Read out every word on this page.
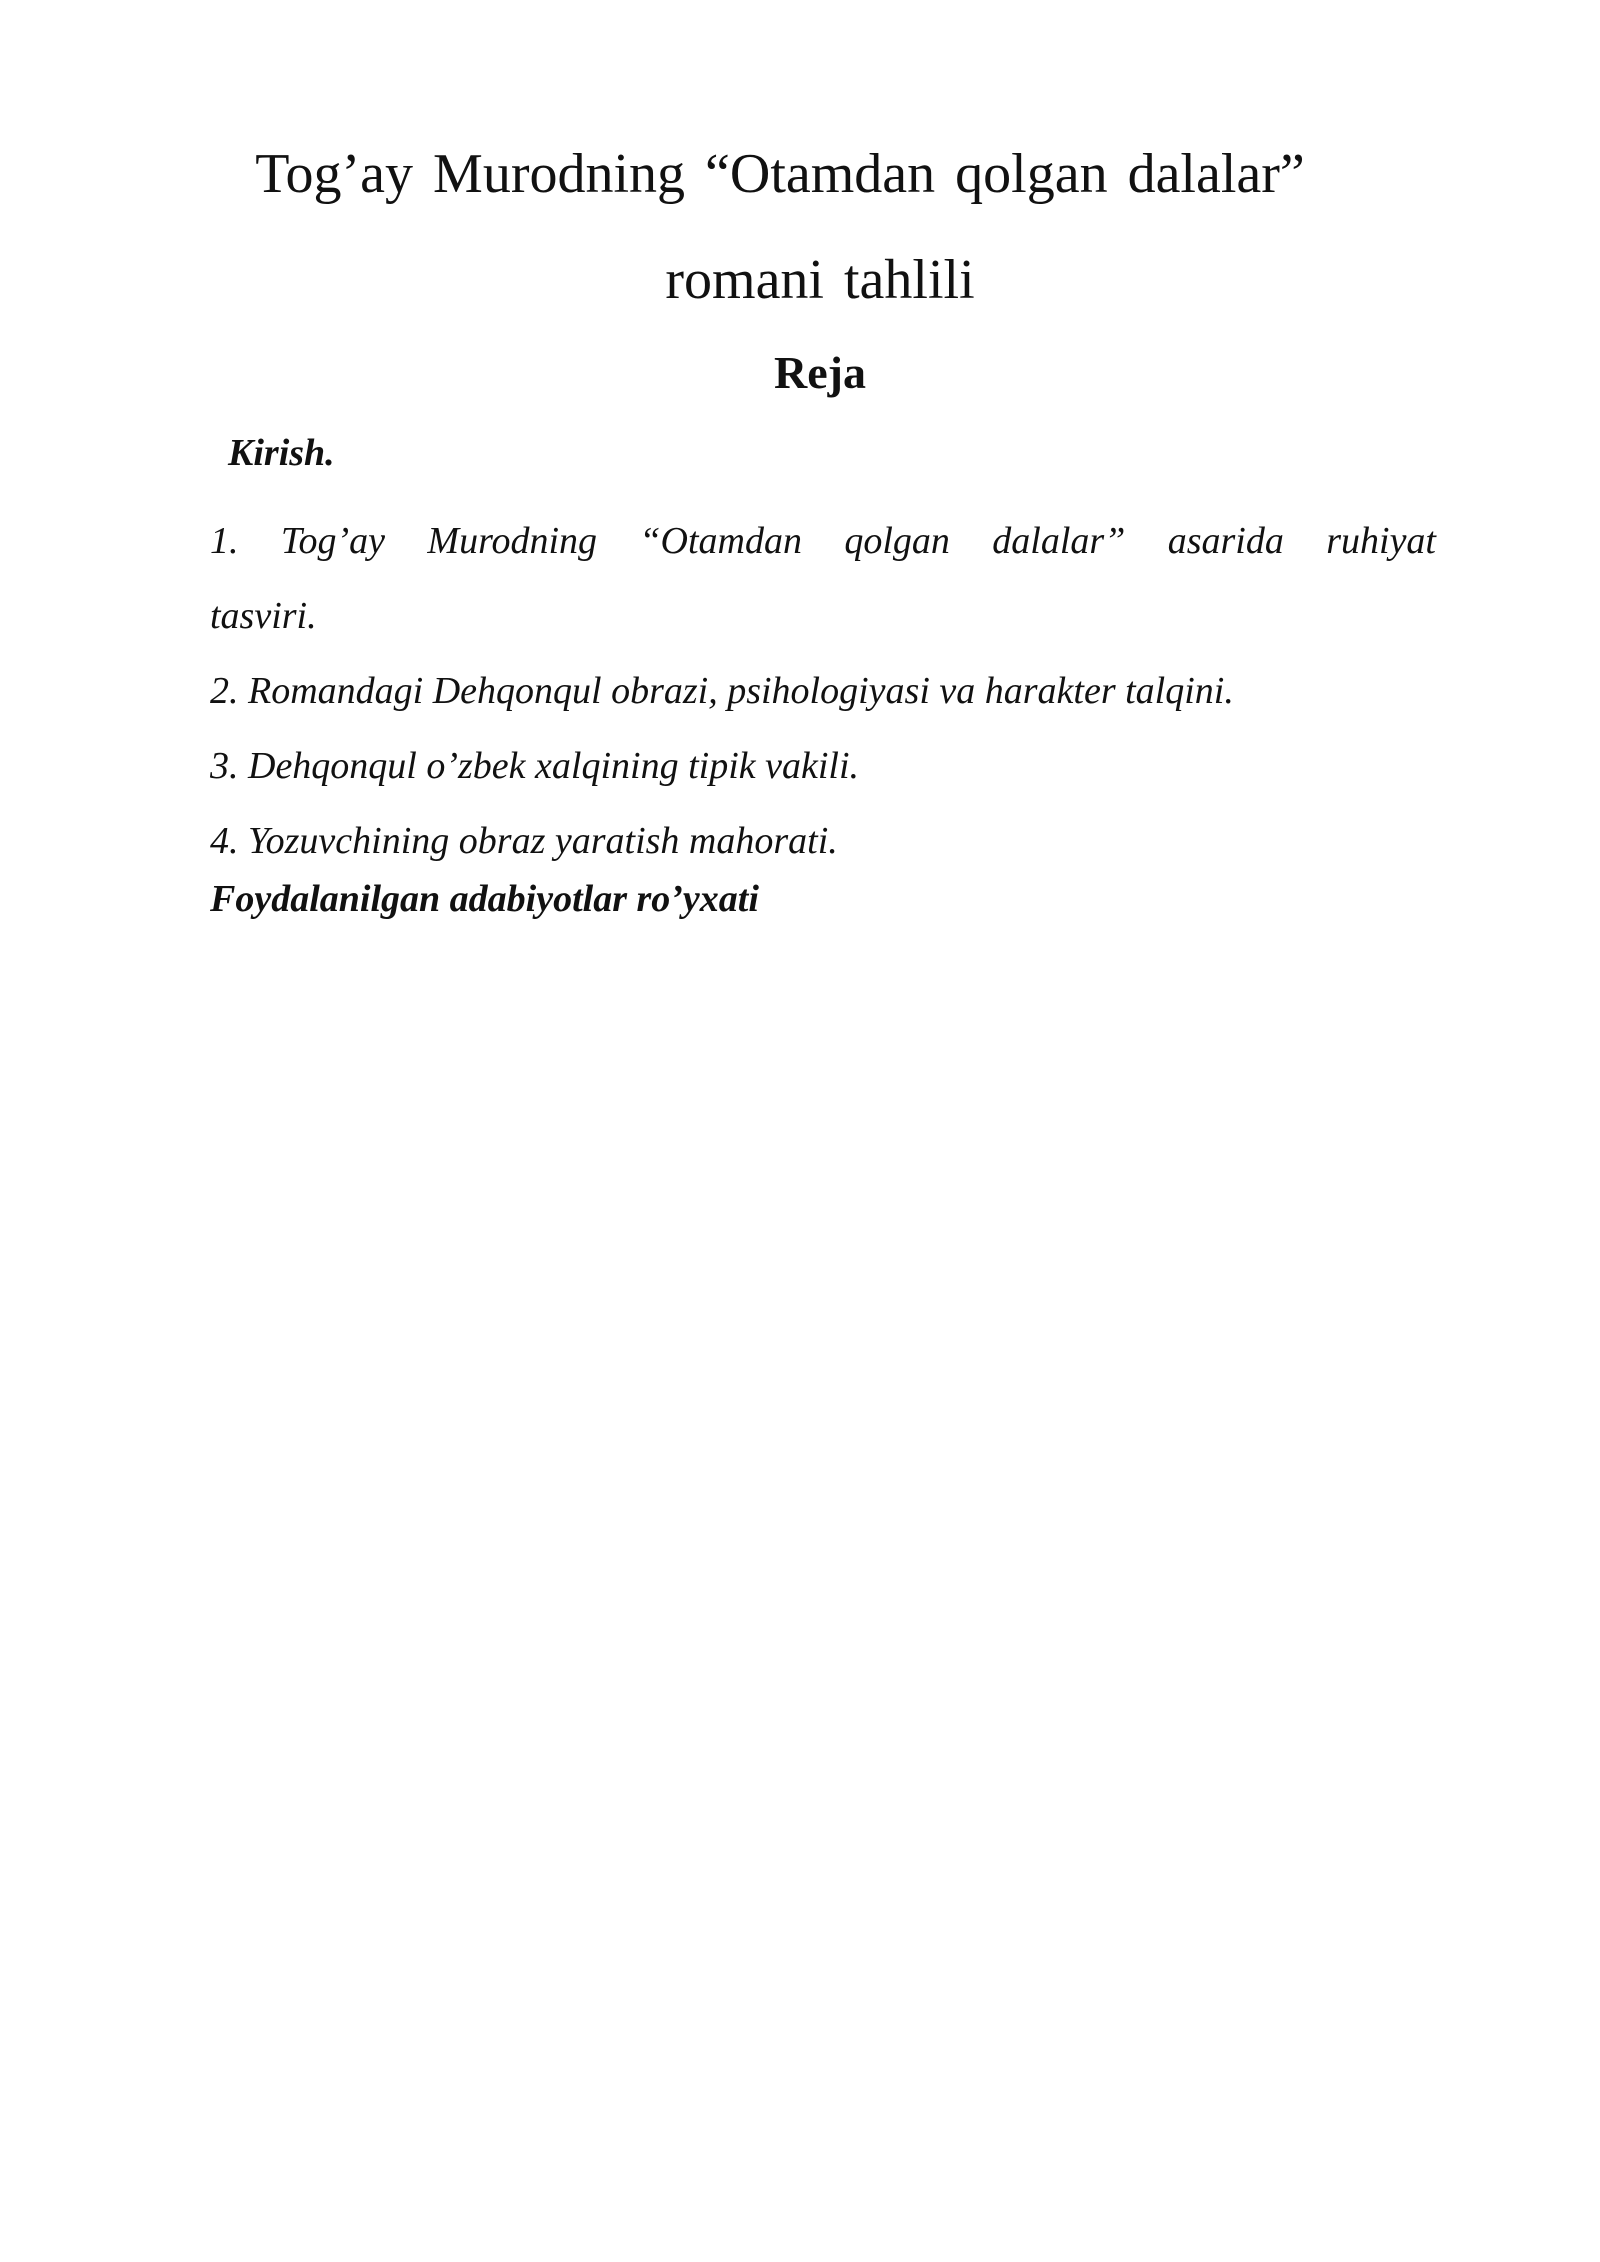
Tog’ay Murodning “Otamdan qolgan dalalar”
romani tahlili
Reja

Kirish.

1. Tog’ay Murodning “Otamdan qolgan dalalar” asarida ruhiyat
tasviri.
2. Romandagi Dehqonqul obrazi, psihologiyasi va harakter talqini.
3. Dehqonqul o’zbek xalqining tipik vakili.
4. Yozuvchining obraz yaratish mahorati.

Foydalanilgan adabiyotlar ro’yxati
